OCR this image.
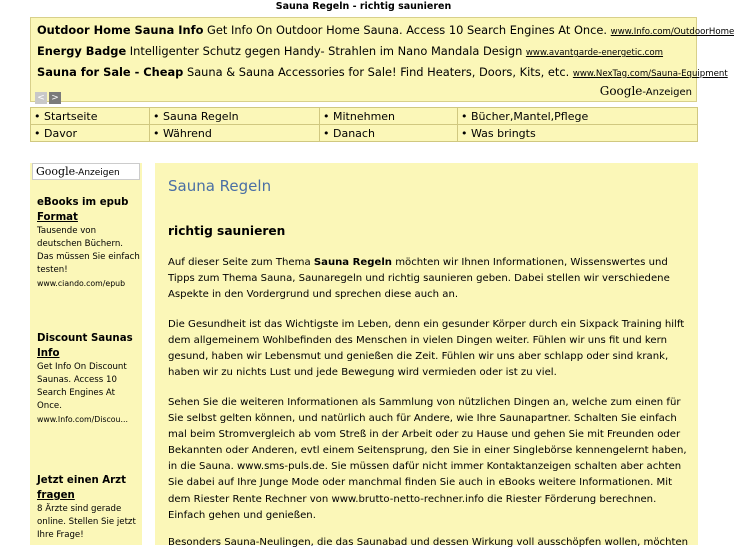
Sauna Regeln - richtig saunieren
Outdoor Home Sauna Info Get Info On Outdoor Home Sauna. Access 10 Search Engines At Once. www.Info.com/OutdoorHome
Energy Badge Intelligenter Schutz gegen Handy- Strahlen im Nano Mandala Design www.avantgarde-energetic.com
Sauna for Sale - Cheap Sauna & Sauna Accessories for Sale! Find Heaters, Doors, Kits, etc. www.NexTag.com/Sauna-Equipment
< >	Google-Anzeigen
• Startseite	• Sauna Regeln	• Mitnehmen	• Bücher,Mantel,Pflege
• Davor	• Während	• Danach	• Was bringts
Google-Anzeigen
eBooks im epub Format
Tausende von deutschen Büchern. Das müssen Sie einfach testen!
www.ciando.com/epub
Discount Saunas Info
Get Info On Discount Saunas. Access 10 Search Engines At Once.
www.Info.com/Discou...
Jetzt einen Arzt fragen
8 Ärzte sind gerade online. Stellen Sie jetzt Ihre Frage!
Sauna Regeln
richtig saunieren
Auf dieser Seite zum Thema Sauna Regeln möchten wir Ihnen Informationen, Wissenswertes und Tipps zum Thema Sauna, Saunaregeln und richtig saunieren geben. Dabei stellen wir verschiedene Aspekte in den Vordergrund und sprechen diese auch an.
Die Gesundheit ist das Wichtigste im Leben, denn ein gesunder Körper durch ein Sixpack Training hilft dem allgemeinem Wohlbefinden des Menschen in vielen Dingen weiter. Fühlen wir uns fit und kern gesund, haben wir Lebensmut und genießen die Zeit. Fühlen wir uns aber schlapp oder sind krank, haben wir zu nichts Lust und jede Bewegung wird vermieden oder ist zu viel.
Sehen Sie die weiteren Informationen als Sammlung von nützlichen Dingen an, welche zum einen für Sie selbst gelten können, und natürlich auch für Andere, wie Ihre Saunapartner. Schalten Sie einfach mal beim Stromvergleich ab vom Streß in der Arbeit oder zu Hause und gehen Sie mit Freunden oder Bekannten oder Anderen, evtl einem Seitensprung, den Sie in einer Singlebörse kennengelernt haben, in die Sauna. www.sms-puls.de. Sie müssen dafür nicht immer Kontaktanzeigen schalten aber achten Sie dabei auf Ihre Junge Mode oder manchmal finden Sie auch in eBooks weitere Informationen. Mit dem Riester Rente Rechner von www.brutto-netto-rechner.info die Riester Förderung berechnen. Einfach gehen und genießen.
Besonders Sauna-Neulingen, die das Saunabad und dessen Wirkung voll ausschöpfen wollen, möchten
